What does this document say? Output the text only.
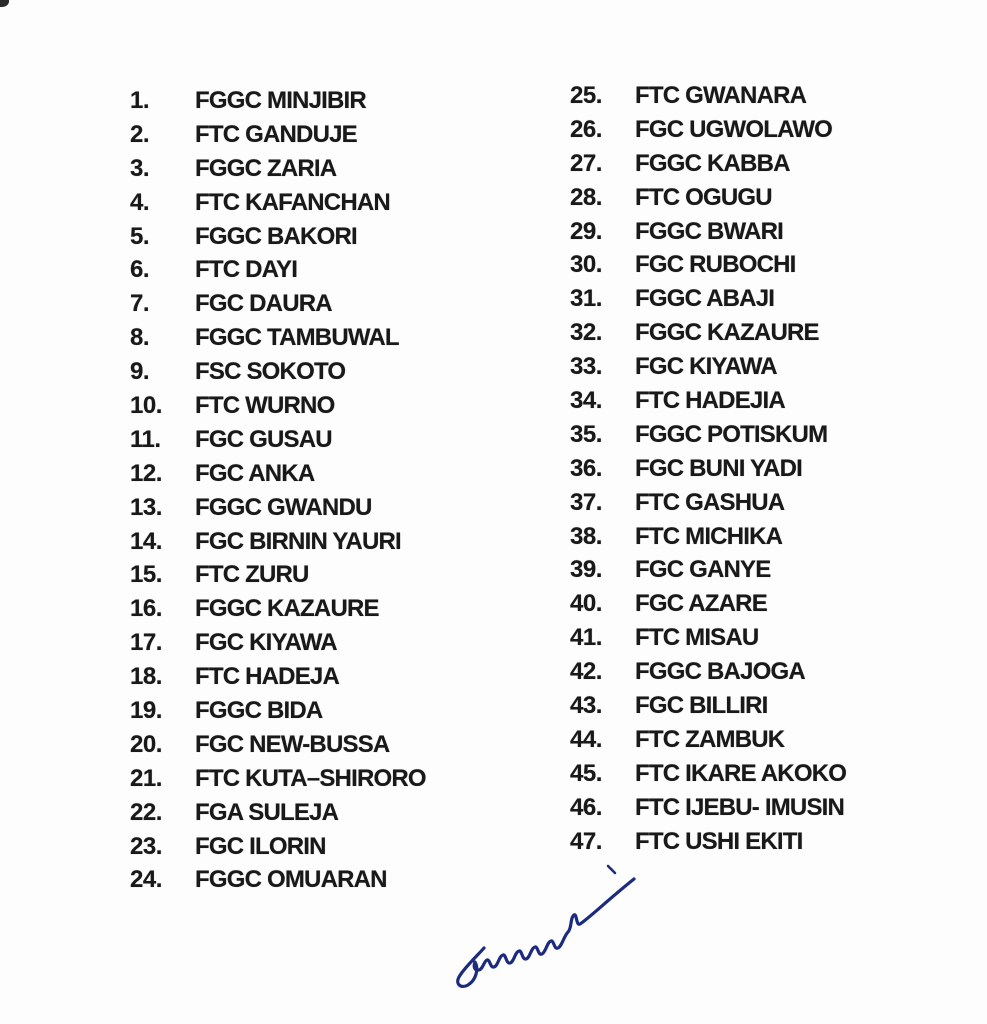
1.	FGGC MINJIBIR
2.	FTC GANDUJE
3.	FGGC ZARIA
4.	FTC KAFANCHAN
5.	FGGC BAKORI
6.	FTC DAYI
7.	FGC DAURA
8.	FGGC TAMBUWAL
9.	FSC SOKOTO
10.	FTC WURNO
11.	FGC GUSAU
12.	FGC ANKA
13.	FGGC GWANDU
14.	FGC BIRNIN YAURI
15.	FTC ZURU
16.	FGGC KAZAURE
17.	FGC KIYAWA
18.	FTC HADEJA
19.	FGGC BIDA
20.	FGC NEW-BUSSA
21.	FTC KUTA–SHIRORO
22.	FGA SULEJA
23.	FGC ILORIN
24.	FGGC OMUARAN
25.	FTC GWANARA
26.	FGC UGWOLAWO
27.	FGGC KABBA
28.	FTC OGUGU
29.	FGGC BWARI
30.	FGC RUBOCHI
31.	FGGC ABAJI
32.	FGGC KAZAURE
33.	FGC KIYAWA
34.	FTC HADEJIA
35.	FGGC POTISKUM
36.	FGC BUNI YADI
37.	FTC GASHUA
38.	FTC MICHIKA
39.	FGC GANYE
40.	FGC AZARE
41.	FTC MISAU
42.	FGGC BAJOGA
43.	FGC BILLIRI
44.	FTC ZAMBUK
45.	FTC IKARE AKOKO
46.	FTC IJEBU- IMUSIN
47.	FTC USHI EKITI
